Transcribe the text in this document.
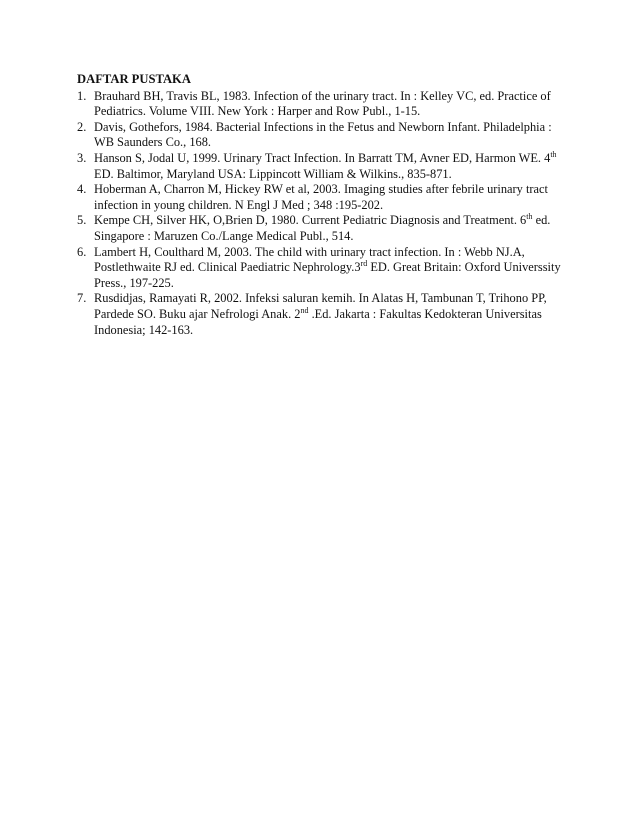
DAFTAR PUSTAKA
1. Brauhard BH, Travis BL, 1983. Infection of the urinary tract. In : Kelley VC, ed. Practice of Pediatrics. Volume VIII. New York : Harper and Row Publ., 1-15.
2. Davis, Gothefors, 1984. Bacterial Infections in the Fetus and Newborn Infant. Philadelphia : WB Saunders Co., 168.
3. Hanson S, Jodal U, 1999. Urinary Tract Infection. In Barratt TM, Avner ED, Harmon WE. 4th ED. Baltimor, Maryland USA: Lippincott William & Wilkins., 835-871.
4. Hoberman A, Charron M, Hickey RW et al, 2003. Imaging studies after febrile urinary tract infection in young children. N Engl J Med ; 348 :195-202.
5. Kempe CH, Silver HK, O,Brien D, 1980. Current Pediatric Diagnosis and Treatment. 6th ed. Singapore : Maruzen Co./Lange Medical Publ., 514.
6. Lambert H, Coulthard M, 2003. The child with urinary tract infection. In : Webb NJ.A, Postlethwaite RJ ed. Clinical Paediatric Nephrology.3rd ED. Great Britain: Oxford Universsity Press., 197-225.
7. Rusdidjas, Ramayati R, 2002. Infeksi saluran kemih. In Alatas H, Tambunan T, Trihono PP, Pardede SO. Buku ajar Nefrologi Anak. 2nd .Ed. Jakarta : Fakultas Kedokteran Universitas Indonesia; 142-163.
